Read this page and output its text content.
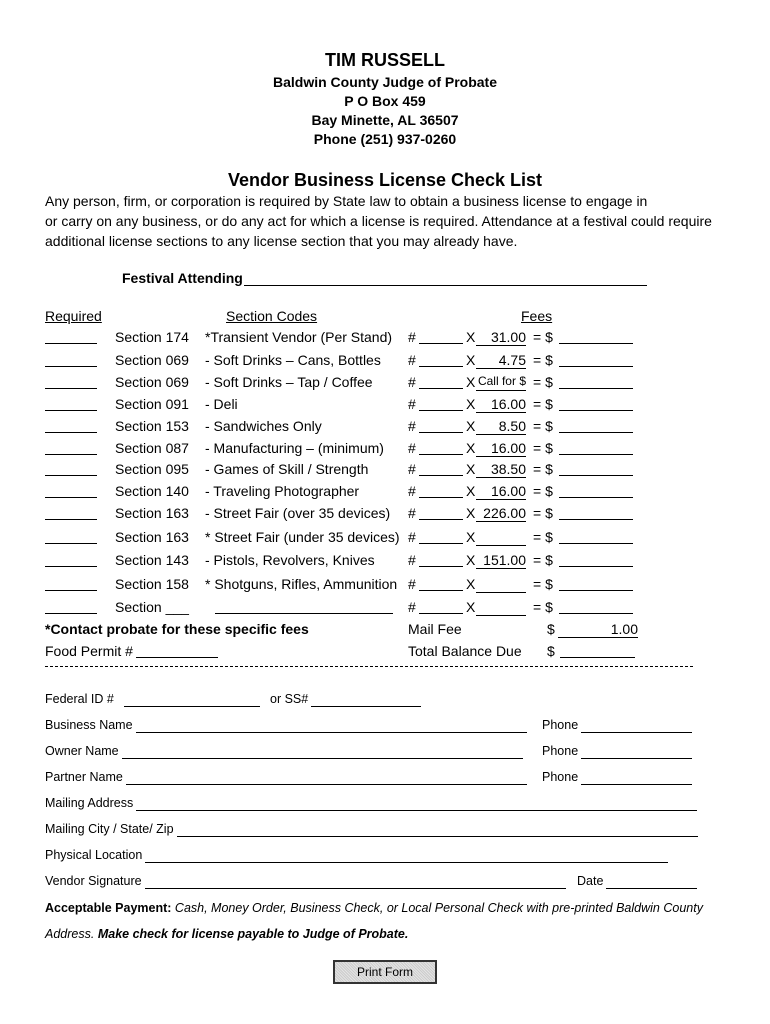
TIM RUSSELL
Baldwin County Judge of Probate
P O Box 459
Bay Minette, AL 36507
Phone (251) 937-0260
Vendor Business License Check List
Any person, firm, or corporation is required by State law to obtain a business license to engage in
or carry on any business, or do any act for which a license is required. Attendance at a festival could require
additional license sections to any license section that you may already have.
Festival Attending
Required	Section Codes	Fees
Section 174 *Transient Vendor (Per Stand) #	X	31.00 = $
Section 069 - Soft Drinks – Cans, Bottles #	X	4.75 = $
Section 069 - Soft Drinks – Tap / Coffee	#	X Call for $ = $
Section 091 - Deli	#	X	16.00 = $
Section 153 - Sandwiches Only	#	X	8.50 = $
Section 087 - Manufacturing – (minimum) #	X	16.00 = $
Section 095 - Games of Skill / Strength	#	X	38.50 = $
Section 140 - Traveling Photographer	#	X	16.00 = $
Section 163 - Street Fair (over 35 devices) #	X 226.00 = $
Section 163 * Street Fair (under 35 devices) #	X	= $
Section 143 - Pistols, Revolvers, Knives #	X 151.00 = $
Section 158 * Shotguns, Rifles, Ammunition #	X	= $
Section ___	#	X	= $
*Contact probate for these specific fees	Mail Fee	$	1.00
Food Permit #	Total Balance Due $
Federal ID #	or SS#
Business Name	Phone
Owner Name	Phone
Partner Name	Phone
Mailing Address
Mailing City / State/ Zip
Physical Location
Vendor Signature	Date
Acceptable Payment: Cash, Money Order, Business Check, or Local Personal Check with pre-printed Baldwin County
Address. Make check for license payable to Judge of Probate.
Print Form
